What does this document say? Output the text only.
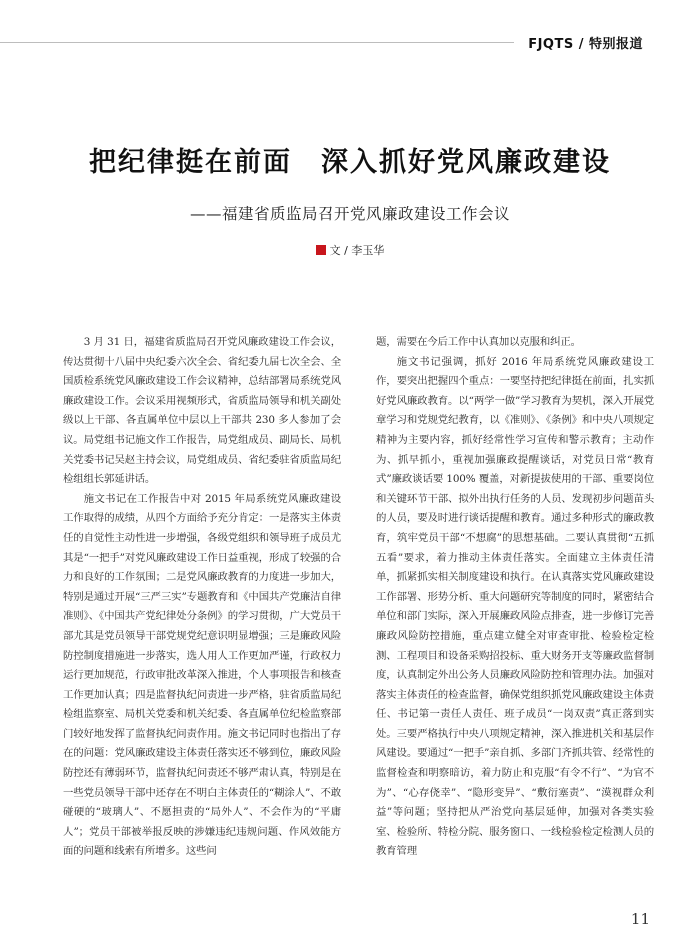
FJQTS / 特别报道
把纪律挺在前面　深入抓好党风廉政建设
——福建省质监局召开党风廉政建设工作会议
文 / 李玉华

3 月 31 日，福建省质监局召开党风廉政建设工作会议，传达贯彻十八届中央纪委六次全会、省纪委九届七次全会、全国质检系统党风廉政建设工作会议精神，总结部署局系统党风廉政建设工作。会议采用视频形式，省质监局领导和机关副处级以上干部、各直属单位中层以上干部共 230 多人参加了会议。局党组书记施文作工作报告，局党组成员、副局长、局机关党委书记吴赵主持会议，局党组成员、省纪委驻省质监局纪检组组长郭延讲话。

施文书记在工作报告中对 2015 年局系统党风廉政建设工作取得的成绩，从四个方面给予充分肯定：一是落实主体责任的自觉性主动性进一步增强，各级党组织和领导班子成员尤其是“一把手”对党风廉政建设工作日益重视，形成了较强的合力和良好的工作氛围；二是党风廉政教育的力度进一步加大，特别是通过开展“三严三实”专题教育和《中国共产党廉洁自律准则》、《中国共产党纪律处分条例》的学习贯彻，广大党员干部尤其是党员领导干部党规党纪意识明显增强；三是廉政风险防控制度措施进一步落实，选人用人工作更加严谨，行政权力运行更加规范，行政审批改革深入推进，个人事项报告和核查工作更加认真；四是监督执纪问责进一步严格，驻省质监局纪检组监察室、局机关党委和机关纪委、各直属单位纪检监察部门较好地发挥了监督执纪问责作用。施文书记同时也指出了存在的问题：党风廉政建设主体责任落实还不够到位，廉政风险防控还有薄弱环节，监督执纪问责还不够严肃认真，特别是在一些党员领导干部中还存在不明白主体责任的“糊涂人”、不敢碰硬的“玻璃人”、不愿担责的“局外人”、不会作为的“平庸人”；党员干部被举报反映的涉嫌违纪违规问题、作风效能方面的问题和线索有所增多。这些问

题，需要在今后工作中认真加以克服和纠正。

施文书记强调，抓好 2016 年局系统党风廉政建设工作，要突出把握四个重点：一要坚持把纪律挺在前面，扎实抓好党风廉政教育。以“两学一做”学习教育为契机，深入开展党章学习和党规党纪教育，以《准则》、《条例》和中央八项规定精神为主要内容，抓好经常性学习宣传和警示教育；主动作为、抓早抓小，重视加强廉政提醒谈话，对党员日常“教育式”廉政谈话要 100% 覆盖，对新提拔使用的干部、重要岗位和关键环节干部、拟外出执行任务的人员、发现初步问题苗头的人员，要及时进行谈话提醒和教育。通过多种形式的廉政教育，筑牢党员干部“不想腐”的思想基础。二要认真贯彻“五抓五看”要求，着力推动主体责任落实。全面建立主体责任清单，抓紧抓实相关制度建设和执行。在认真落实党风廉政建设工作部署、形势分析、重大问题研究等制度的同时，紧密结合单位和部门实际，深入开展廉政风险点排查，进一步修订完善廉政风险防控措施，重点建立健全对审查审批、检验检定检测、工程项目和设备采购招投标、重大财务开支等廉政监督制度，认真制定外出公务人员廉政风险防控和管理办法。加强对落实主体责任的检查监督，确保党组织抓党风廉政建设主体责任、书记第一责任人责任、班子成员“一岗双责”真正落到实处。三要严格执行中央八项规定精神，深入推进机关和基层作风建设。要通过“一把手”亲自抓、多部门齐抓共管、经常性的监督检查和明察暗访，着力防止和克服“有令不行”、“为官不为”、“心存侥幸”、“隐形变异”、“敷衍塞责”、“漠视群众利益”等问题；坚持把从严治党向基层延伸，加强对各类实验室、检验所、特检分院、服务窗口、一线检验检定检测人员的教育管理

11
